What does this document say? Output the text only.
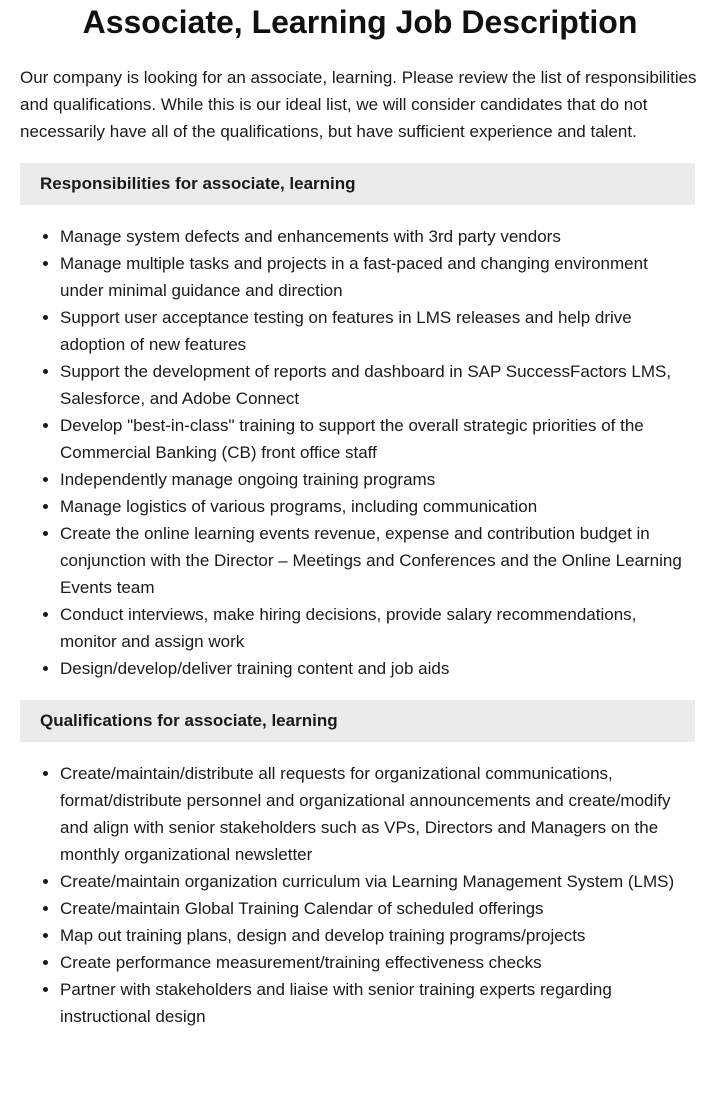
Associate, Learning Job Description

Our company is looking for an associate, learning. Please review the list of responsibilities and qualifications. While this is our ideal list, we will consider candidates that do not necessarily have all of the qualifications, but have sufficient experience and talent.

Responsibilities for associate, learning
• Manage system defects and enhancements with 3rd party vendors
• Manage multiple tasks and projects in a fast-paced and changing environment under minimal guidance and direction
• Support user acceptance testing on features in LMS releases and help drive adoption of new features
• Support the development of reports and dashboard in SAP SuccessFactors LMS, Salesforce, and Adobe Connect
• Develop "best-in-class" training to support the overall strategic priorities of the Commercial Banking (CB) front office staff
• Independently manage ongoing training programs
• Manage logistics of various programs, including communication
• Create the online learning events revenue, expense and contribution budget in conjunction with the Director – Meetings and Conferences and the Online Learning Events team
• Conduct interviews, make hiring decisions, provide salary recommendations, monitor and assign work
• Design/develop/deliver training content and job aids
Qualifications for associate, learning
• Create/maintain/distribute all requests for organizational communications, format/distribute personnel and organizational announcements and create/modify and align with senior stakeholders such as VPs, Directors and Managers on the monthly organizational newsletter
• Create/maintain organization curriculum via Learning Management System (LMS)
• Create/maintain Global Training Calendar of scheduled offerings
• Map out training plans, design and develop training programs/projects
• Create performance measurement/training effectiveness checks
• Partner with stakeholders and liaise with senior training experts regarding instructional design
